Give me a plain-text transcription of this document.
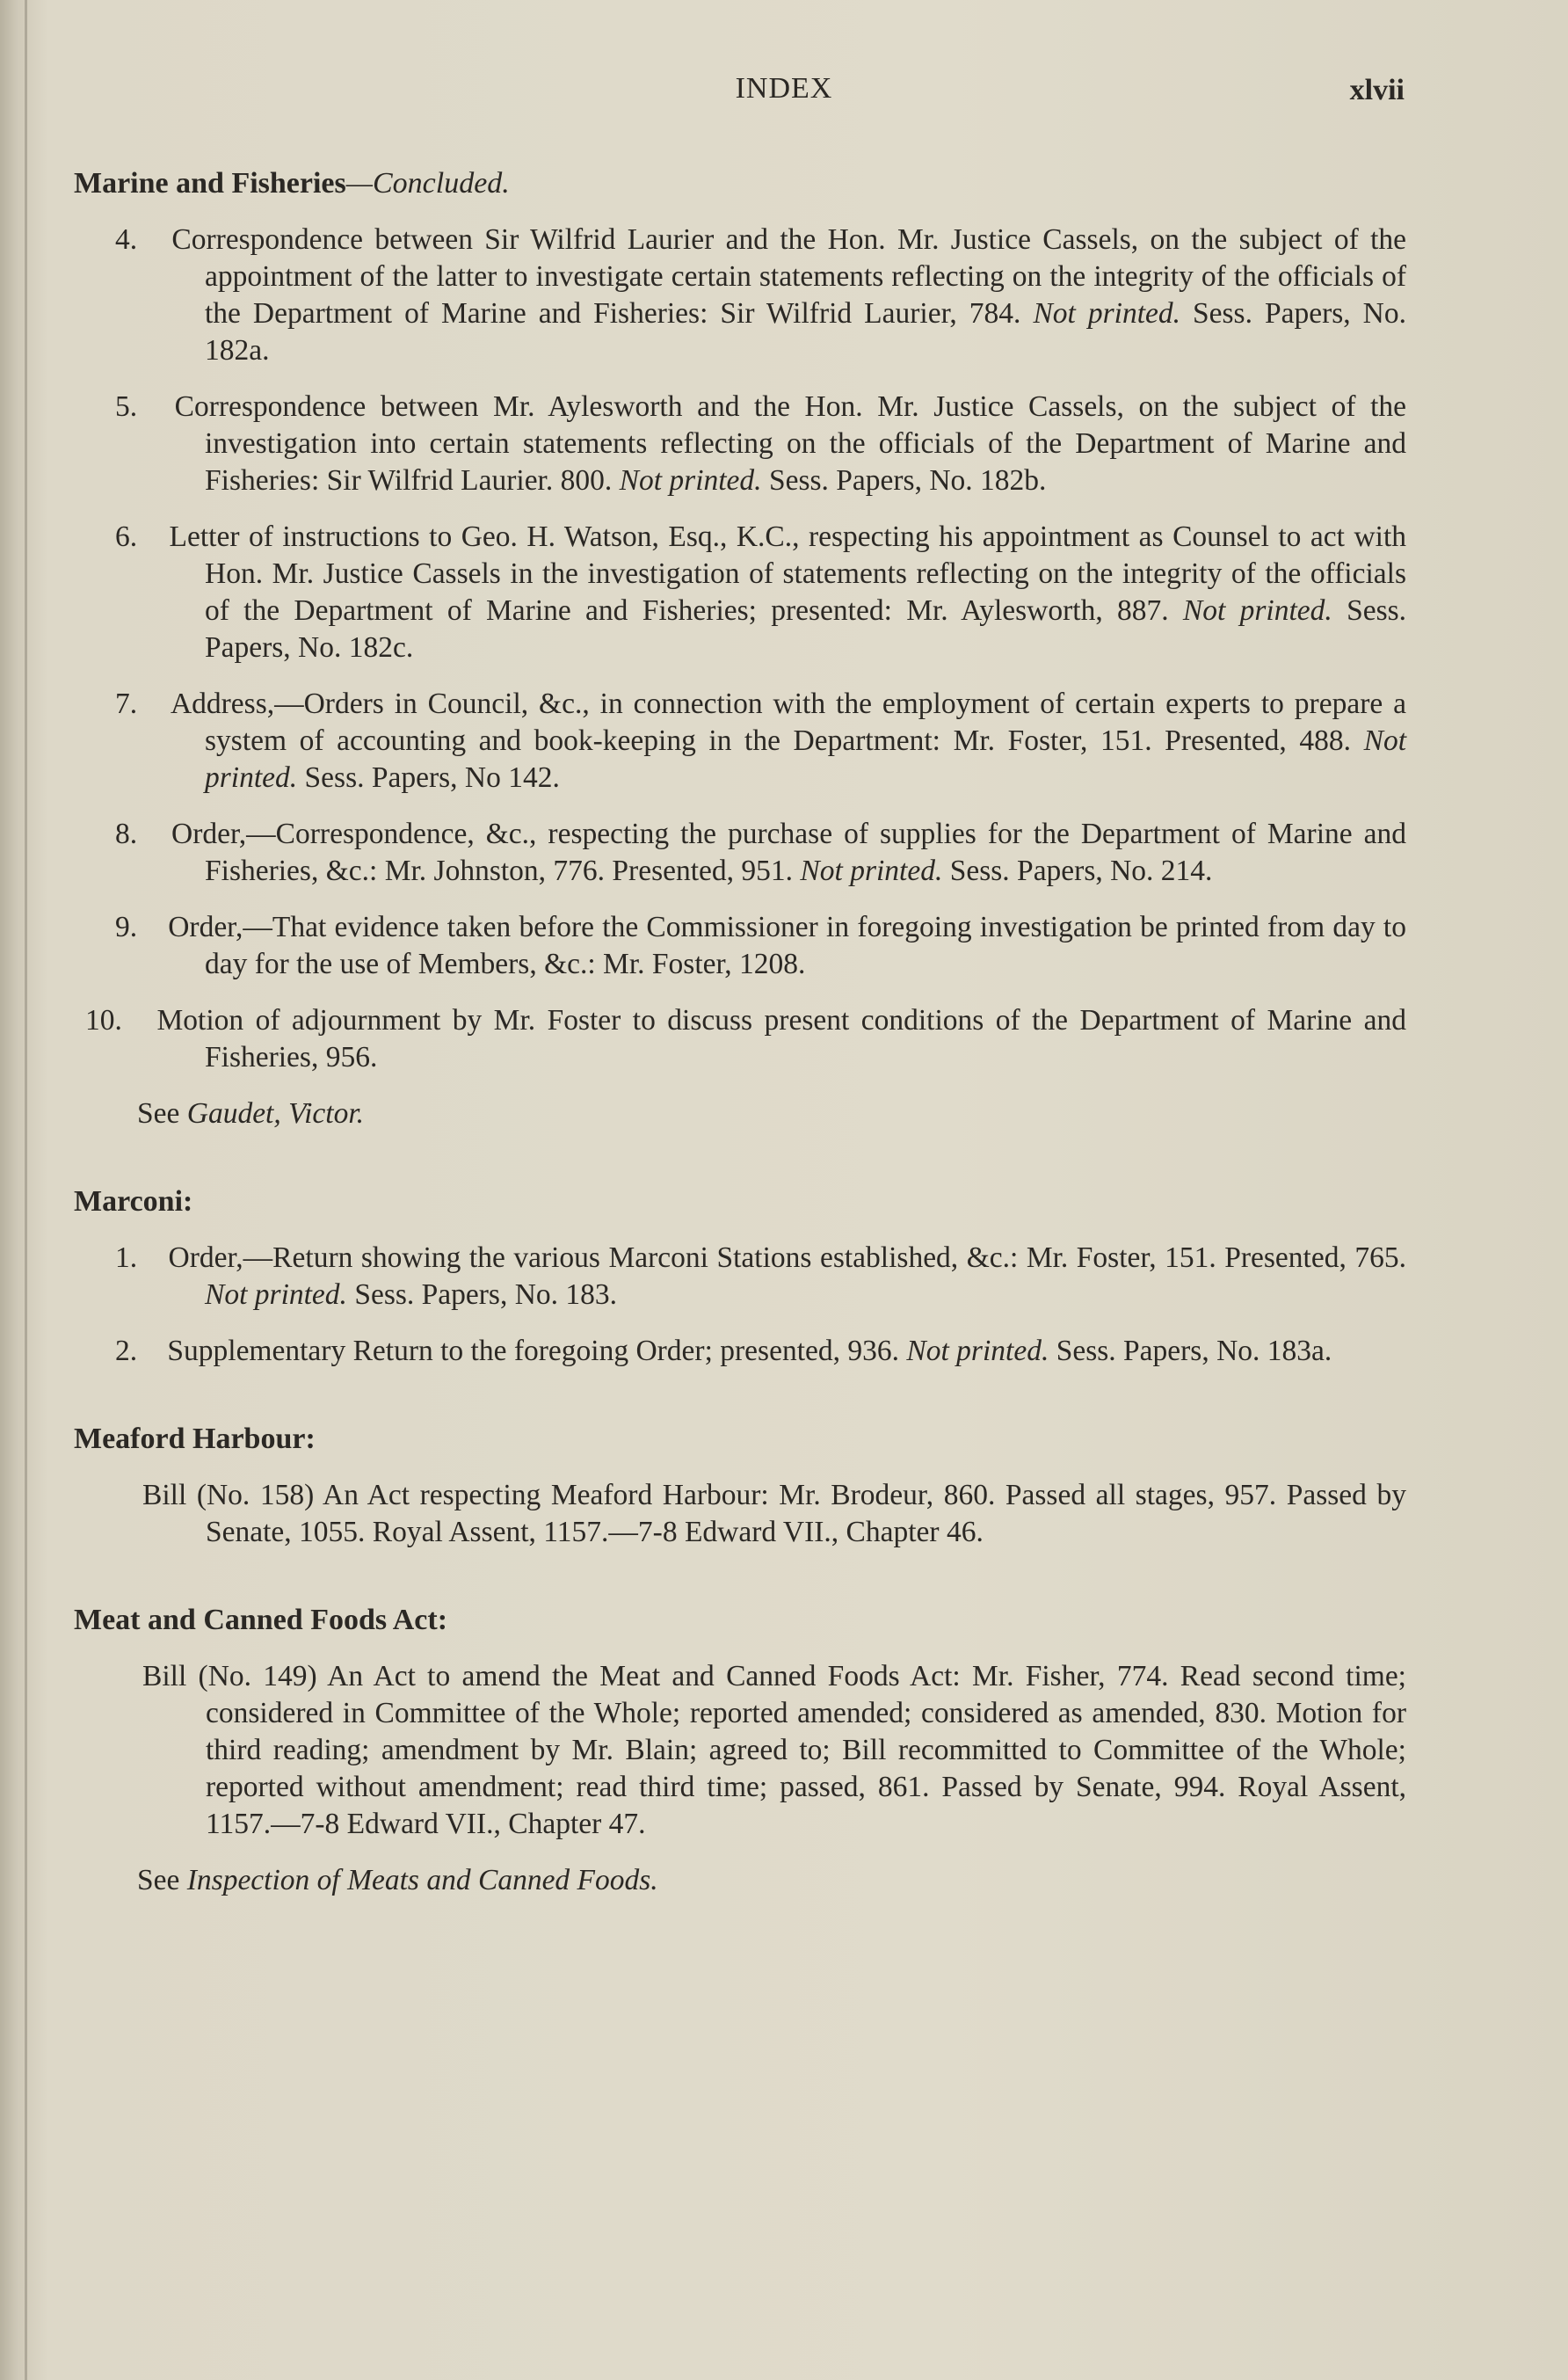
INDEX	xlvii

Marine and Fisheries—Concluded.

4. Correspondence between Sir Wilfrid Laurier and the Hon. Mr. Justice Cassels, on the subject of the appointment of the latter to investigate certain statements reflecting on the integrity of the officials of the Department of Marine and Fisheries: Sir Wilfrid Laurier, 784. Not printed. Sess. Papers, No. 182a.

5. Correspondence between Mr. Aylesworth and the Hon. Mr. Justice Cassels, on the subject of the investigation into certain statements reflecting on the officials of the Department of Marine and Fisheries: Sir Wilfrid Laurier. 800. Not printed. Sess. Papers, No. 182b.

6. Letter of instructions to Geo. H. Watson, Esq., K.C., respecting his appointment as Counsel to act with Hon. Mr. Justice Cassels in the investigation of statements reflecting on the integrity of the officials of the Department of Marine and Fisheries; presented: Mr. Aylesworth, 887. Not printed. Sess. Papers, No. 182c.

7. Address,—Orders in Council, &c., in connection with the employment of certain experts to prepare a system of accounting and book-keeping in the Department: Mr. Foster, 151. Presented, 488. Not printed. Sess. Papers, No 142.

8. Order,—Correspondence, &c., respecting the purchase of supplies for the Department of Marine and Fisheries, &c.: Mr. Johnston, 776. Presented, 951. Not printed. Sess. Papers, No. 214.

9. Order,—That evidence taken before the Commissioner in foregoing investigation be printed from day to day for the use of Members, &c.: Mr. Foster, 1208.

10. Motion of adjournment by Mr. Foster to discuss present conditions of the Department of Marine and Fisheries, 956.

See Gaudet, Victor.

Marconi:

1. Order,—Return showing the various Marconi Stations established, &c.: Mr. Foster, 151. Presented, 765. Not printed. Sess. Papers, No. 183.

2. Supplementary Return to the foregoing Order; presented, 936. Not printed. Sess. Papers, No. 183a.

Meaford Harbour:

Bill (No. 158) An Act respecting Meaford Harbour: Mr. Brodeur, 860. Passed all stages, 957. Passed by Senate, 1055. Royal Assent, 1157.—7-8 Edward VII., Chapter 46.

Meat and Canned Foods Act:

Bill (No. 149) An Act to amend the Meat and Canned Foods Act: Mr. Fisher, 774. Read second time; considered in Committee of the Whole; reported amended; considered as amended, 830. Motion for third reading; amendment by Mr. Blain; agreed to; Bill recommitted to Committee of the Whole; reported without amendment; read third time; passed, 861. Passed by Senate, 994. Royal Assent, 1157.—7-8 Edward VII., Chapter 47.

See Inspection of Meats and Canned Foods.
